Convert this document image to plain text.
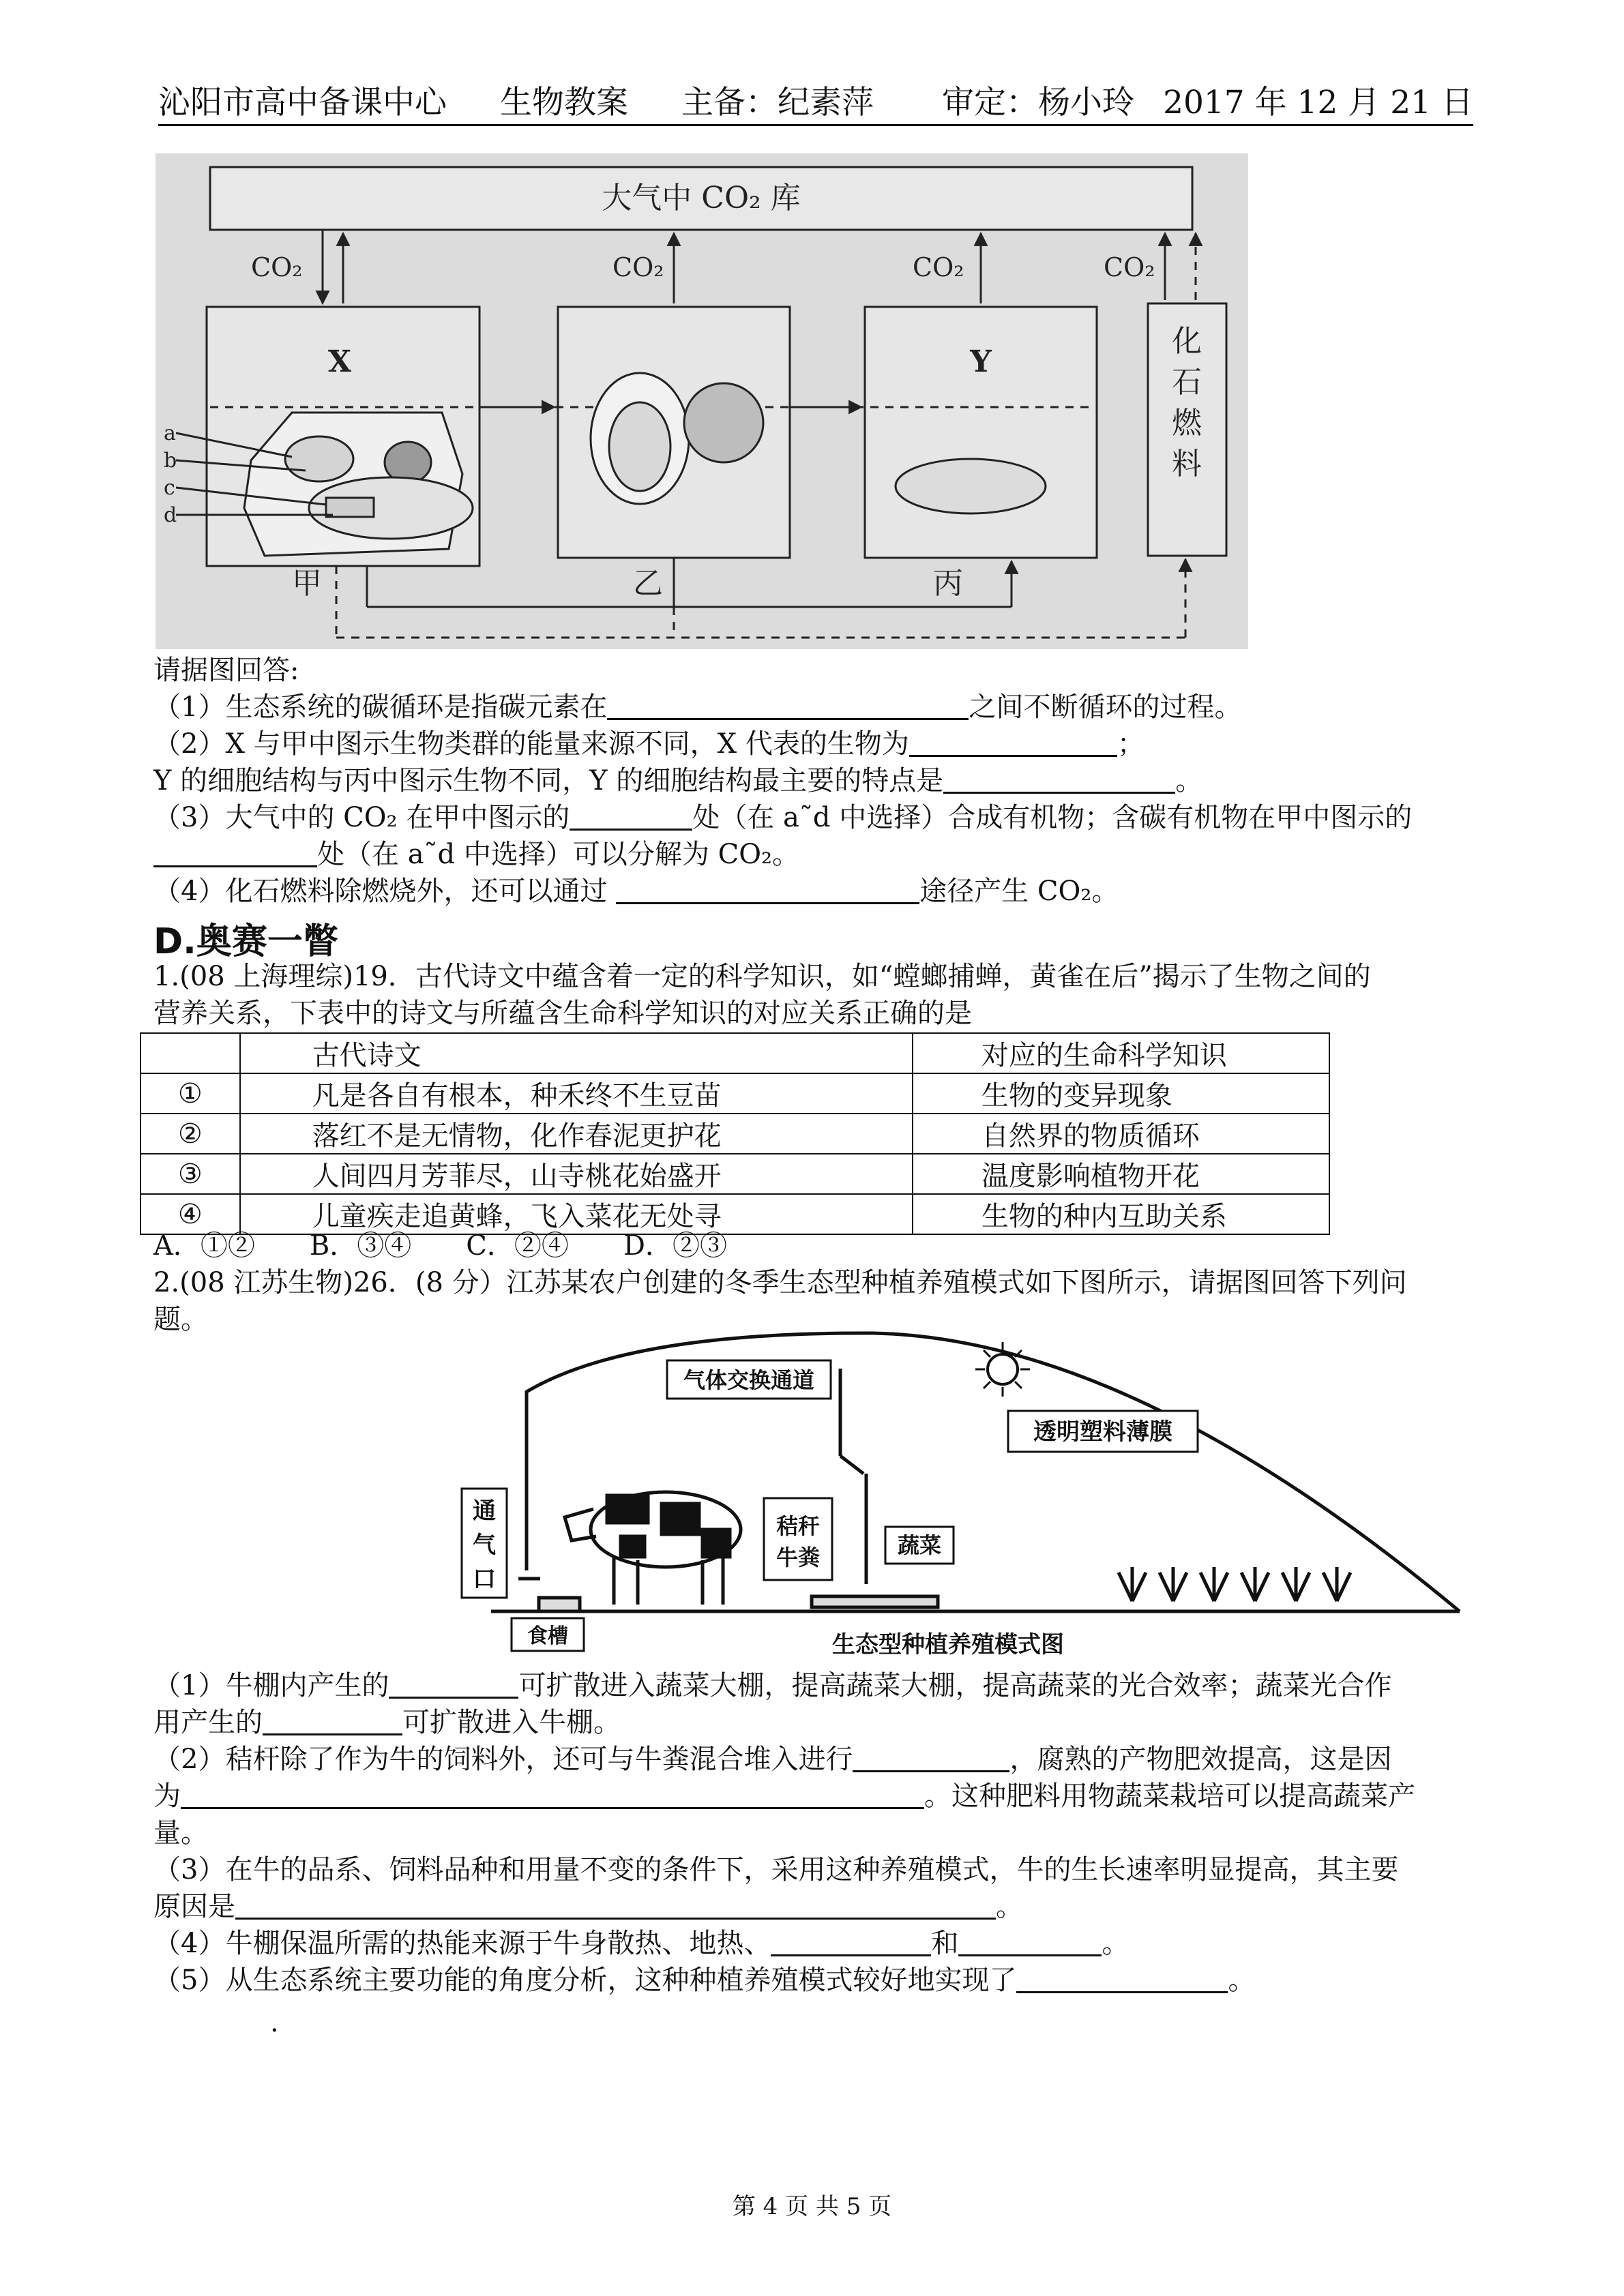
沁阳市高中备课中心 生物教案 主备：纪素萍 审定：杨小玲 2017 年 12 月 21 日
大气中 CO₂ 库
CO₂	CO₂	CO₂	CO₂
X	Y
化
石
燃
料
a
b
c
d
甲	乙	丙

请据图回答:

（1）生态系统的碳循环是指碳元素在	之间不断循环的过程。

（2）X 与甲中图示生物类群的能量来源不同，X 代表的生物为	；

Y 的细胞结构与丙中图示生物不同，Y 的细胞结构最主要的特点是	。

（3）大气中的 CO₂ 在甲中图示的	处（在 a˜d 中选择）合成有机物；含碳有机物在甲中图示的

处（在 a˜d 中选择）可以分解为 CO₂。

（4）化石燃料除燃烧外，还可以通过	途径产生 CO₂。

D.奥赛一瞥

1.(08 上海理综)19．古代诗文中蕴含着一定的科学知识，如“螳螂捕蝉，黄雀在后”揭示了生物之间的

营养关系，下表中的诗文与所蕴含生命科学知识的对应关系正确的是

	古代诗文	对应的生命科学知识
①	凡是各自有根本，种禾终不生豆苗	生物的变异现象
②	落红不是无情物，化作春泥更护花	自然界的物质循环
③	人间四月芳菲尽，山寺桃花始盛开	温度影响植物开花
④	儿童疾走追黄蜂，飞入菜花无处寻	生物的种内互助关系

A．①②　　B．③④　　C．②④　　D．②③

2.(08 江苏生物)26．(8 分）江苏某农户创建的冬季生态型种植养殖模式如下图所示，请据图回答下列问

题。

气体交换通道
透明塑料薄膜
通
气
口
秸秆
牛粪	蔬菜
食槽	生态型种植养殖模式图

（1）牛棚内产生的	可扩散进入蔬菜大棚，提高蔬菜大棚，提高蔬菜的光合效率；蔬菜光合作

用产生的	可扩散进入牛棚。

（2）秸杆除了作为牛的饲料外，还可与牛粪混合堆入进行	，腐熟的产物肥效提高，这是因

为	。这种肥料用物蔬菜栽培可以提高蔬菜产

量。

（3）在牛的品系、饲料品种和用量不变的条件下，采用这种养殖模式，牛的生长速率明显提高，其主要

原因是	。

（4）牛棚保温所需的热能来源于牛身散热、地热、	和	。

（5）从生态系统主要功能的角度分析，这种种植养殖模式较好地实现了	。

.
第 4 页 共 5 页
